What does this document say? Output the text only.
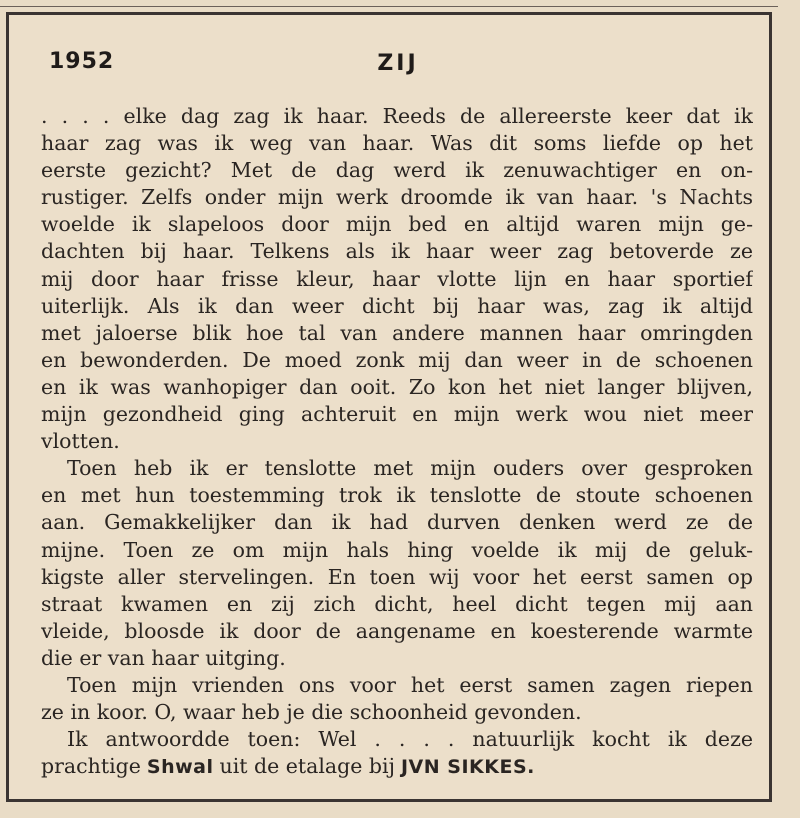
1952	ZIJ
. . . . elke dag zag ik haar. Reeds de allereerste keer dat ik
haar zag was ik weg van haar. Was dit soms liefde op het
eerste gezicht? Met de dag werd ik zenuwachtiger en on-
rustiger. Zelfs onder mijn werk droomde ik van haar. 's Nachts
woelde ik slapeloos door mijn bed en altijd waren mijn ge-
dachten bij haar. Telkens als ik haar weer zag betoverde ze
mij door haar frisse kleur, haar vlotte lijn en haar sportief
uiterlijk. Als ik dan weer dicht bij haar was, zag ik altijd
met jaloerse blik hoe tal van andere mannen haar omringden
en bewonderden. De moed zonk mij dan weer in de schoenen
en ik was wanhopiger dan ooit. Zo kon het niet langer blijven,
mijn gezondheid ging achteruit en mijn werk wou niet meer
vlotten.
Toen heb ik er tenslotte met mijn ouders over gesproken
en met hun toestemming trok ik tenslotte de stoute schoenen
aan. Gemakkelijker dan ik had durven denken werd ze de
mijne. Toen ze om mijn hals hing voelde ik mij de geluk-
kigste aller stervelingen. En toen wij voor het eerst samen op
straat kwamen en zij zich dicht, heel dicht tegen mij aan
vleide, bloosde ik door de aangename en koesterende warmte
die er van haar uitging.
Toen mijn vrienden ons voor het eerst samen zagen riepen
ze in koor. O, waar heb je die schoonheid gevonden.
Ik antwoordde toen: Wel . . . . natuurlijk kocht ik deze
prachtige Shwal uit de etalage bij JVN SIKKES.
